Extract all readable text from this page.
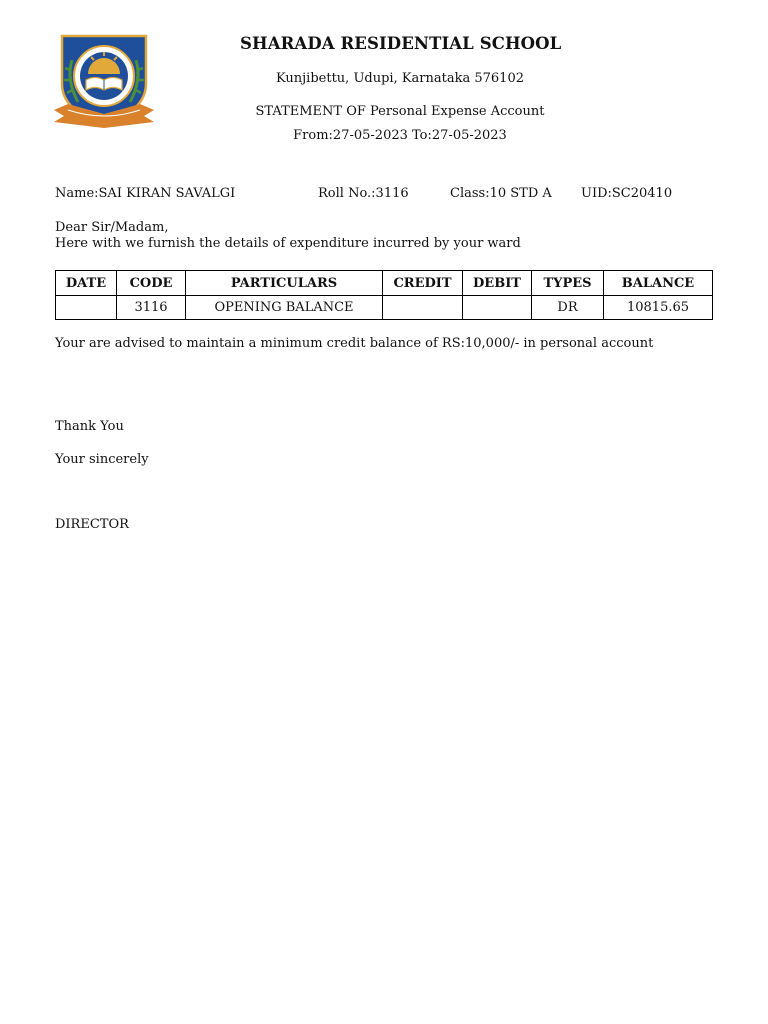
SHARADA RESIDENTIAL SCHOOL
Kunjibettu, Udupi, Karnataka 576102
STATEMENT OF Personal Expense Account
From:27-05-2023 To:27-05-2023
Name:SAI KIRAN SAVALGI	Roll No.:3116	Class:10 STD A UID:SC20410
Dear Sir/Madam,
Here with we furnish the details of expenditure incurred by your ward
DATE	CODE	PARTICULARS	CREDIT	DEBIT	TYPES	BALANCE
	3116	OPENING BALANCE			DR	10815.65
Your are advised to maintain a minimum credit balance of RS:10,000/- in personal account
Thank You
Your sincerely
DIRECTOR
